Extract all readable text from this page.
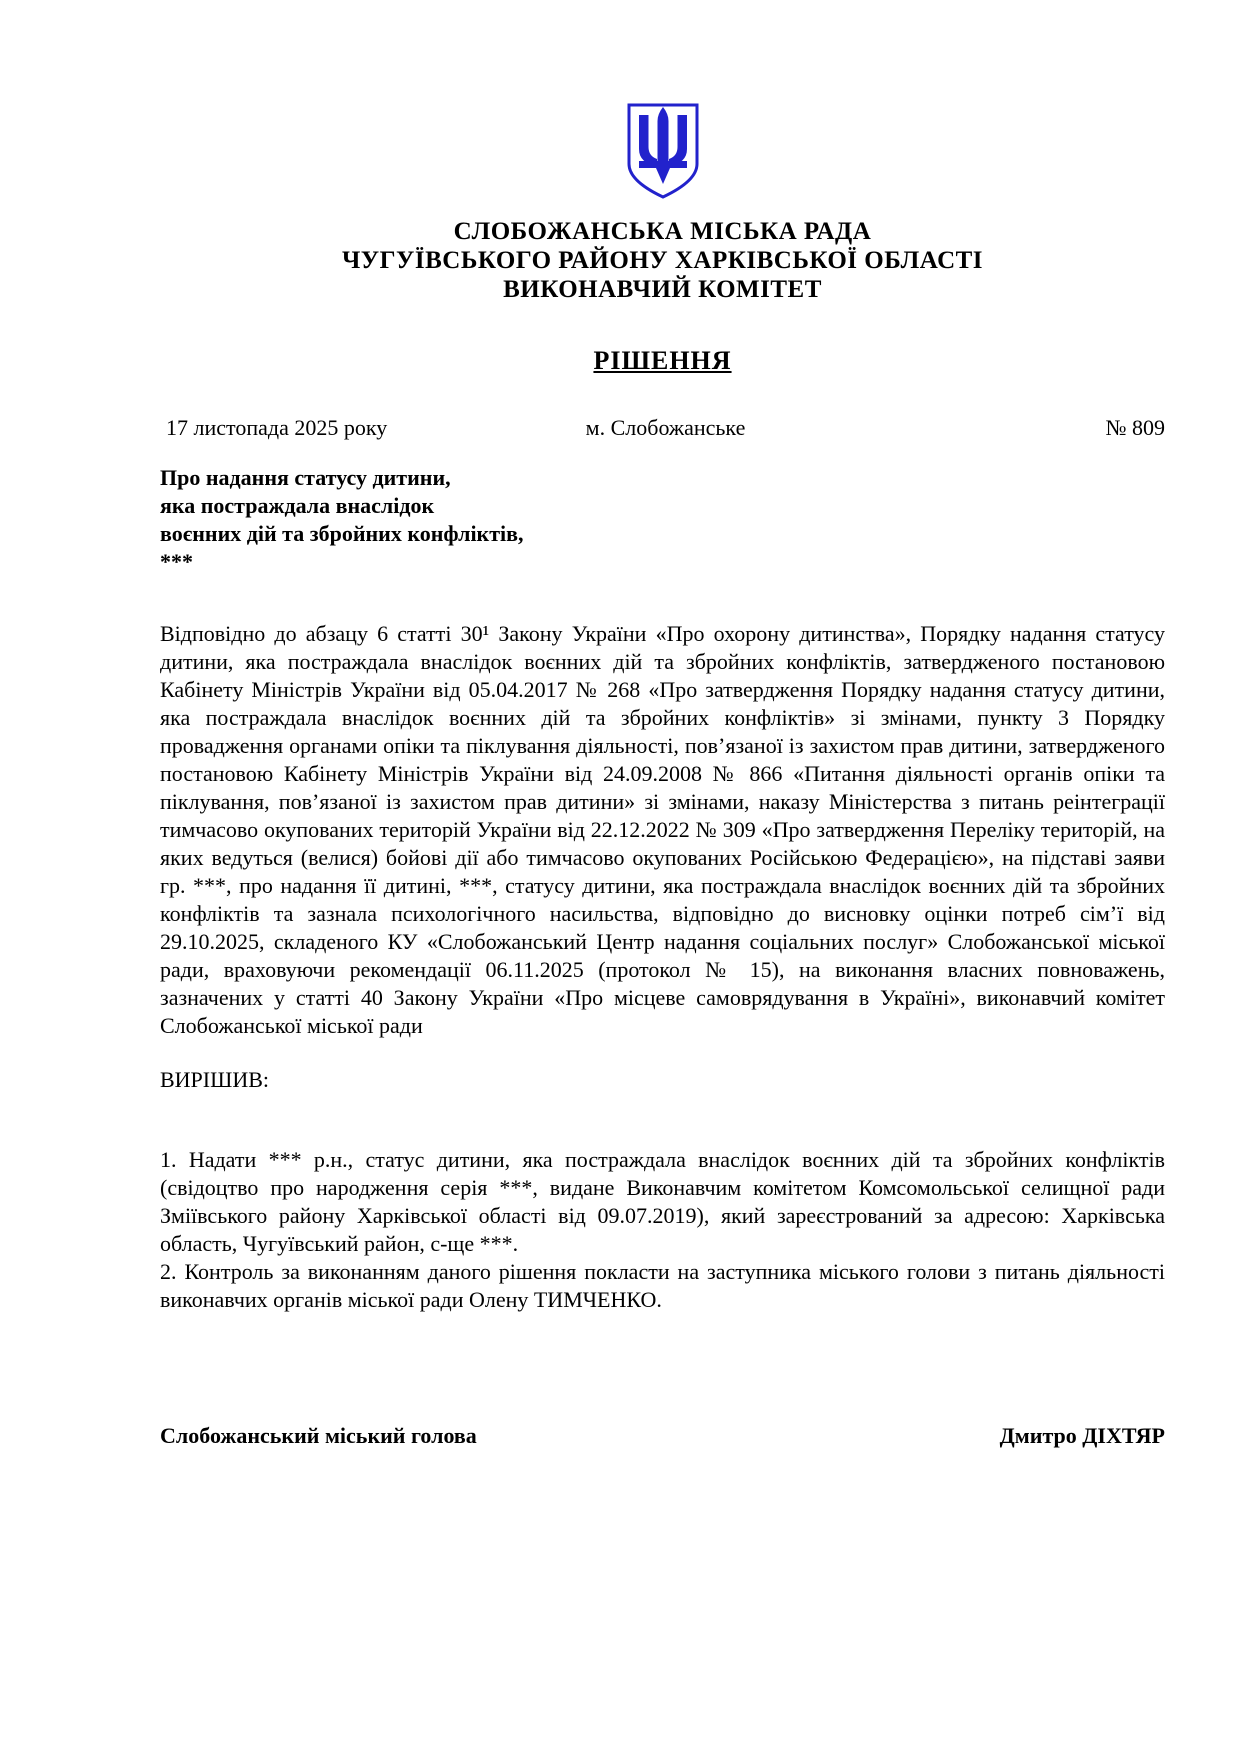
СЛОБОЖАНСЬКА МІСЬКА РАДА
ЧУГУЇВСЬКОГО РАЙОНУ ХАРКІВСЬКОЇ ОБЛАСТІ
ВИКОНАВЧИЙ КОМІТЕТ
РІШЕННЯ
17 листопада 2025 року	м. Слобожанське	№ 809
Про надання статусу дитини,
яка постраждала внаслідок
воєнних дій та збройних конфліктів,
***

Відповідно до абзацу 6 статті 30¹ Закону України «Про охорону дитинства», Порядку надання статусу дитини, яка постраждала внаслідок воєнних дій та збройних конфліктів, затвердженого постановою Кабінету Міністрів України від 05.04.2017 № 268 «Про затвердження Порядку надання статусу дитини, яка постраждала внаслідок воєнних дій та збройних конфліктів» зі змінами, пункту 3 Порядку провадження органами опіки та піклування діяльності, пов’язаної із захистом прав дитини, затвердженого постановою Кабінету Міністрів України від 24.09.2008 № 866 «Питання діяльності органів опіки та піклування, пов’язаної із захистом прав дитини» зі змінами, наказу Міністерства з питань реінтеграції тимчасово окупованих територій України від 22.12.2022 № 309 «Про затвердження Переліку територій, на яких ведуться (велися) бойові дії або тимчасово окупованих Російською Федерацією», на підставі заяви гр. ***, про надання її дитині, ***, статусу дитини, яка постраждала внаслідок воєнних дій та збройних конфліктів та зазнала психологічного насильства, відповідно до висновку оцінки потреб сім’ї від 29.10.2025, складеного КУ «Слобожанський Центр надання соціальних послуг» Слобожанської міської ради, враховуючи рекомендації 06.11.2025 (протокол № 15), на виконання власних повноважень, зазначених у статті 40 Закону України «Про місцеве самоврядування в Україні», виконавчий комітет Слобожанської міської ради

ВИРІШИВ:

1. Надати *** р.н., статус дитини, яка постраждала внаслідок воєнних дій та збройних конфліктів (свідоцтво про народження серія ***, видане Виконавчим комітетом Комсомольської селищної ради Зміївського району Харківської області від 09.07.2019), який зареєстрований за адресою: Харківська область, Чугуївський район, с-ще ***.

2. Контроль за виконанням даного рішення покласти на заступника міського голови з питань діяльності виконавчих органів міської ради Олену ТИМЧЕНКО.

Слобожанський міський голова	Дмитро ДІХТЯР
